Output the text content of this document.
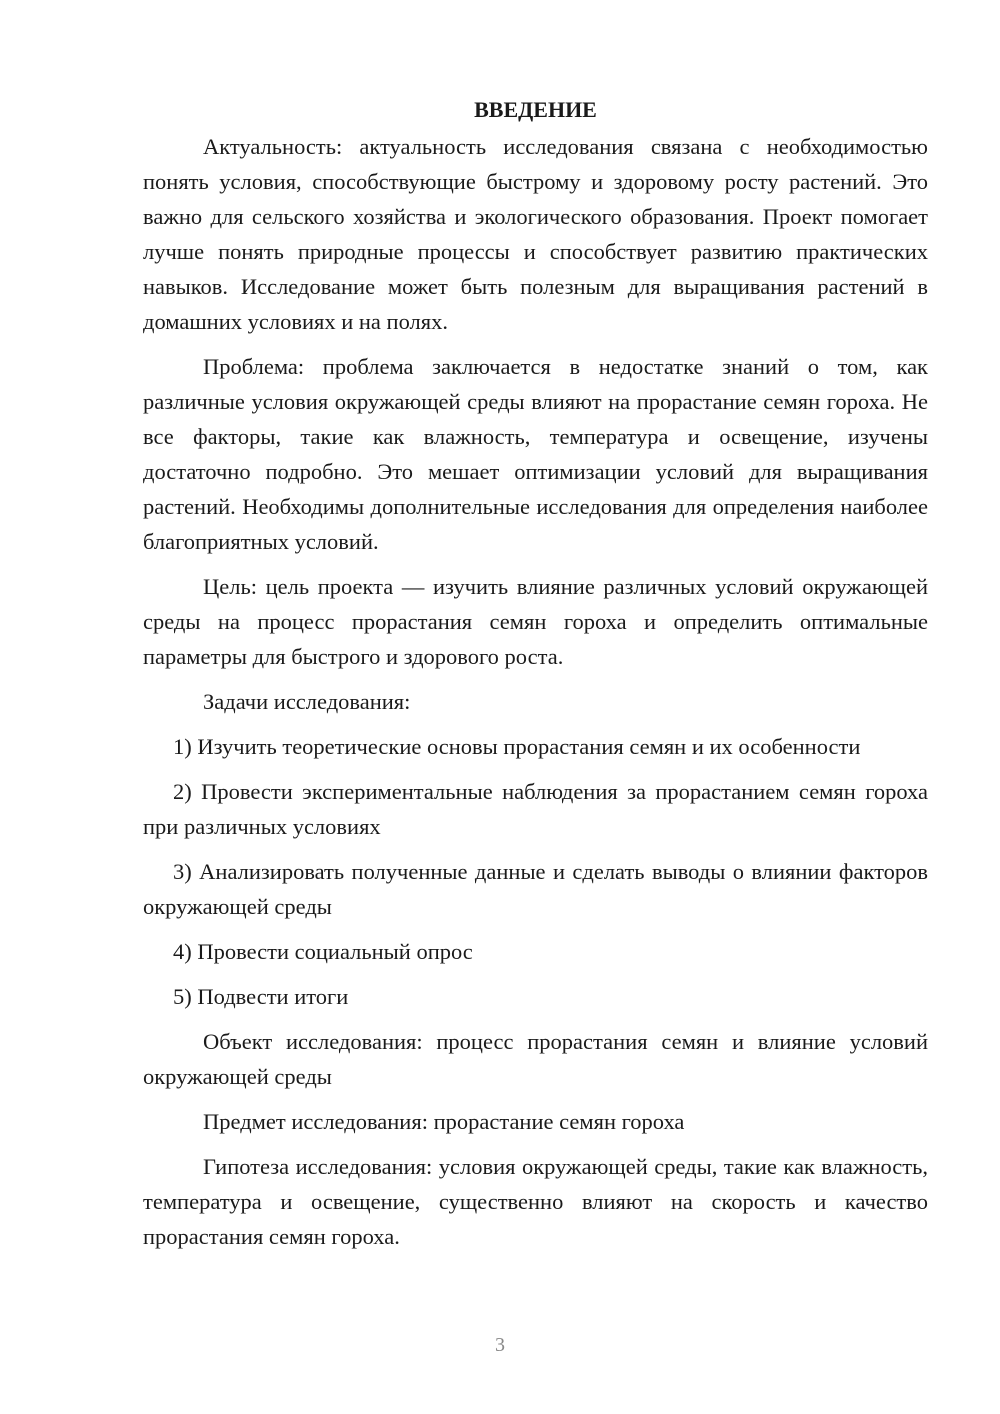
ВВЕДЕНИЕ

Актуальность: актуальность исследования связана с необходимостью понять условия, способствующие быстрому и здоровому росту растений. Это важно для сельского хозяйства и экологического образования. Проект помогает лучше понять природные процессы и способствует развитию практических навыков. Исследование может быть полезным для выращивания растений в домашних условиях и на полях.

Проблема: проблема заключается в недостатке знаний о том, как различные условия окружающей среды влияют на прорастание семян гороха. Не все факторы, такие как влажность, температура и освещение, изучены достаточно подробно. Это мешает оптимизации условий для выращивания растений. Необходимы дополнительные исследования для определения наиболее благоприятных условий.

Цель: цель проекта — изучить влияние различных условий окружающей среды на процесс прорастания семян гороха и определить оптимальные параметры для быстрого и здорового роста.

Задачи исследования:

1) Изучить теоретические основы прорастания семян и их особенности

2) Провести экспериментальные наблюдения за прорастанием семян гороха при различных условиях

3) Анализировать полученные данные и сделать выводы о влиянии факторов окружающей среды

4) Провести социальный опрос

5) Подвести итоги

Объект исследования: процесс прорастания семян и влияние условий окружающей среды

Предмет исследования: прорастание семян гороха

Гипотеза исследования: условия окружающей среды, такие как влажность, температура и освещение, существенно влияют на скорость и качество прорастания семян гороха.

3
